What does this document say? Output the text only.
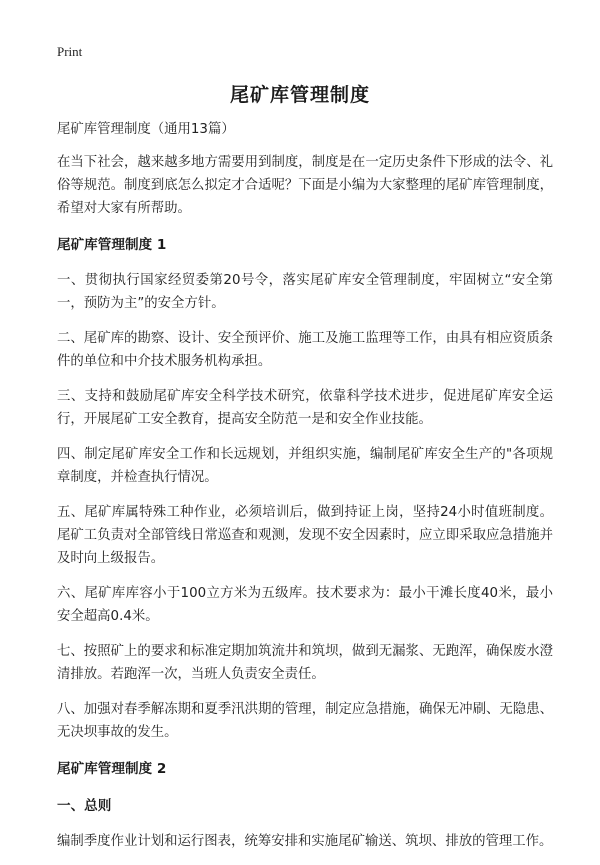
Print
尾矿库管理制度

尾矿库管理制度（通用13篇）

在当下社会，越来越多地方需要用到制度，制度是在一定历史条件下形成的法令、礼俗等规范。制度到底怎么拟定才合适呢？下面是小编为大家整理的尾矿库管理制度，希望对大家有所帮助。

尾矿库管理制度 1

一、贯彻执行国家经贸委第20号令，落实尾矿库安全管理制度，牢固树立“安全第一，预防为主”的安全方针。

二、尾矿库的勘察、设计、安全预评价、施工及施工监理等工作，由具有相应资质条件的单位和中介技术服务机构承担。

三、支持和鼓励尾矿库安全科学技术研究，依靠科学技术进步，促进尾矿库安全运行，开展尾矿工安全教育，提高安全防范一是和安全作业技能。

四、制定尾矿库安全工作和长远规划，并组织实施，编制尾矿库安全生产的"各项规章制度，并检查执行情况。

五、尾矿库属特殊工种作业，必须培训后，做到持证上岗，坚持24小时值班制度。尾矿工负责对全部管线日常巡查和观测，发现不安全因素时，应立即采取应急措施并及时向上级报告。

六、尾矿库库容小于100立方米为五级库。技术要求为：最小干滩长度40米，最小安全超高0.4米。

七、按照矿上的要求和标准定期加筑流井和筑坝，做到无漏浆、无跑浑，确保废水澄清排放。若跑浑一次，当班人负责安全责任。

八、加强对春季解冻期和夏季汛洪期的管理，制定应急措施，确保无冲刷、无隐患、无决坝事故的发生。

尾矿库管理制度 2
一、总则

编制季度作业计划和运行图表，统筹安排和实施尾矿输送、筑坝、排放的管理工作。
